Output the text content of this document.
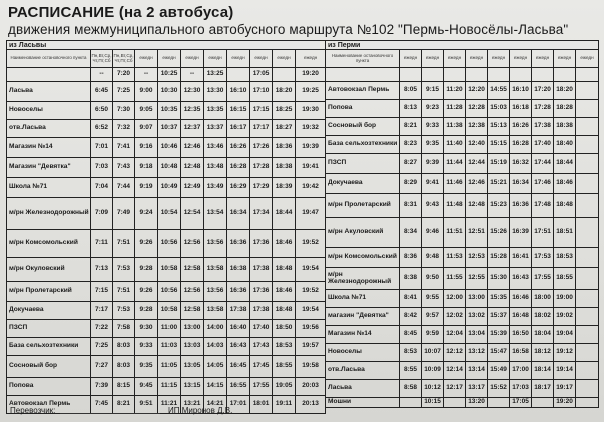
РАСПИСАНИЕ (на 2 автобуса)
движения межмуниципального автобусного маршрута №102 "Пермь-Новосёлы-Ласьва"
из Ласьвы										
Наименование остановочного пункта	Пн,Вт,Ср, Чт,Пт,Сб	Пн,Вт,Ср, Чт,Пт,Сб	ежедн	ежедн	ежедн	ежедн	ежедн	ежедн	ежедн	ежедн
	--	7:20	--	10:25	--	13:25		17:05		19:20
Ласьва	6:45	7:25	9:00	10:30	12:30	13:30	16:10	17:10	18:20	19:25
Новоселы	6:50	7:30	9:05	10:35	12:35	13:35	16:15	17:15	18:25	19:30
отв.Ласьва	6:52	7:32	9:07	10:37	12:37	13:37	16:17	17:17	18:27	19:32
Магазин №14	7:01	7:41	9:16	10:46	12:46	13:46	16:26	17:26	18:36	19:39
Магазин "Девятка"	7:03	7:43	9:18	10:48	12:48	13:48	16:28	17:28	18:38	19:41
Школа №71	7:04	7:44	9:19	10:49	12:49	13:49	16:29	17:29	18:39	19:42
м/рн Железнодорожный	7:09	7:49	9:24	10:54	12:54	13:54	16:34	17:34	18:44	19:47
м/рн Комсомольский	7:11	7:51	9:26	10:56	12:56	13:56	16:36	17:36	18:46	19:52
м/рн Окуловский	7:13	7:53	9:28	10:58	12:58	13:58	16:38	17:38	18:48	19:54
м/рн Пролетарский	7:15	7:51	9:26	10:56	12:56	13:56	16:36	17:36	18:46	19:52
Докучаева	7:17	7:53	9:28	10:58	12:58	13:58	17:38	17:38	18:48	19:54
ПЗСП	7:22	7:58	9:30	11:00	13:00	14:00	16:40	17:40	18:50	19:56
База сельхозтехники	7:25	8:03	9:33	11:03	13:03	14:03	16:43	17:43	18:53	19:57
Сосновый бор	7:27	8:03	9:35	11:05	13:05	14:05	16:45	17:45	18:55	19:58
Попова	7:39	8:15	9:45	11:15	13:15	14:15	16:55	17:55	19:05	20:03
Автовокзал Пермь	7:45	8:21	9:51	11:21	13:21	14:21	17:01	18:01	19:11	20:13
из Перми									
Наименование остановочного пункта	ежедн	ежедн	ежедн	ежедн	ежедн	ежедн	ежедн	ежедн	ежедн

Автовокзал Пермь	8:05	9:15	11:20	12:20	14:55	16:10	17:20	18:20	
Попова	8:13	9:23	11:28	12:28	15:03	16:18	17:28	18:28	
Сосновый бор	8:21	9:33	11:38	12:38	15:13	16:26	17:38	18:38	
База сельхозтехники	8:23	9:35	11:40	12:40	15:15	16:28	17:40	18:40	
ПЗСП	8:27	9:39	11:44	12:44	15:19	16:32	17:44	18:44	
Докучаева	8:29	9:41	11:46	12:46	15:21	16:34	17:46	18:46	
м/рн Пролетарский	8:31	9:43	11:48	12:48	15:23	16:36	17:48	18:48	
м/рн Акуловский	8:34	9:46	11:51	12:51	15:26	16:39	17:51	18:51	
м/рн Комсомольский	8:36	9:48	11:53	12:53	15:28	16:41	17:53	18:53	
м/рн Железнодорожный	8:38	9:50	11:55	12:55	15:30	16:43	17:55	18:55	
Школа №71	8:41	9:55	12:00	13:00	15:35	16:46	18:00	19:00	
магазин "Девятка"	8:42	9:57	12:02	13:02	15:37	16:48	18:02	19:02	
Магазин №14	8:45	9:59	12:04	13:04	15:39	16:50	18:04	19:04	
Новоселы	8:53	10:07	12:12	13:12	15:47	16:58	18:12	19:12	
отв.Ласьва	8:55	10:09	12:14	13:14	15:49	17:00	18:14	19:14	
Ласьва	8:58	10:12	12:17	13:17	15:52	17:03	18:17	19:17	
Мошни		10:15		13:20		17:05		19:20	
Перевозчик:	ИП Миронов Д.В.
